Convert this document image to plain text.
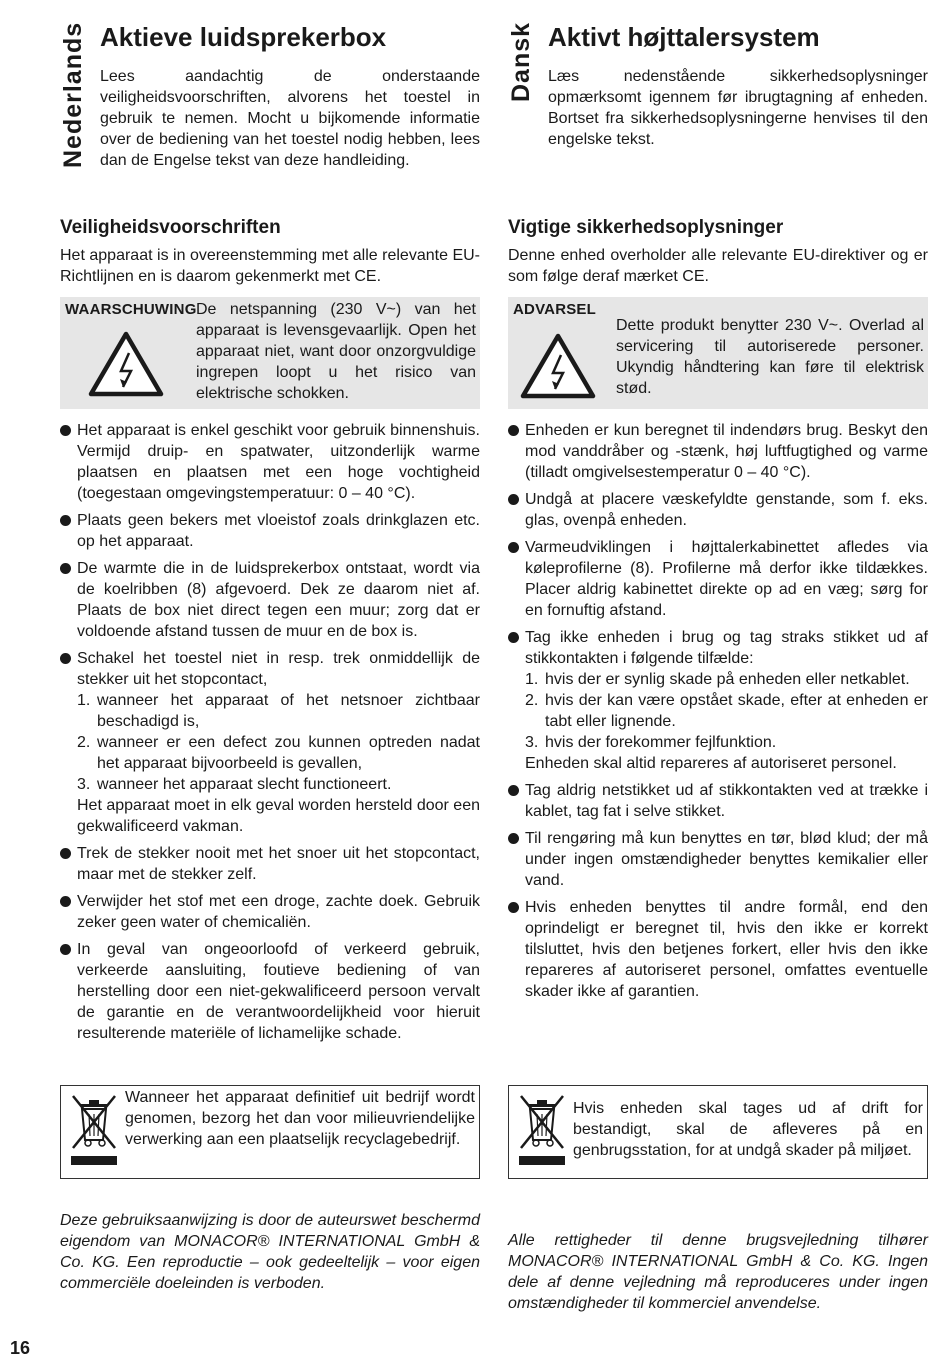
Nederlands Aktieve luidsprekerbox

Lees aandachtig de onderstaande veiligheidsvoorschriften, alvorens het toestel in gebruik te nemen. Mocht u bijkomende informatie over de bediening van het toestel nodig hebben, lees dan de Engelse tekst van deze handleiding.

Veiligheidsvoorschriften

Het apparaat is in overeenstemming met alle relevante EU-Richtlijnen en is daarom gekenmerkt met CE.

WAARSCHUWING De netspanning (230 V~) van het apparaat is levensgevaarlijk. Open het apparaat niet, want door onzorgvuldige ingrepen loopt u het risico van elektrische schokken.
Het apparaat is enkel geschikt voor gebruik binnenshuis. Vermijd druip- en spatwater, uitzonderlijk warme plaatsen en plaatsen met een hoge vochtigheid (toegestaan omgevingstemperatuur: 0 – 40 °C).
Plaats geen bekers met vloeistof zoals drinkglazen etc. op het apparaat.
De warmte die in de luidsprekerbox ontstaat, wordt via de koelribben (8) afgevoerd. Dek ze daarom niet af. Plaats de box niet direct tegen een muur; zorg dat er voldoende afstand tussen de muur en de box is.
Schakel het toestel niet in resp. trek onmiddellijk de stekker uit het stopcontact,
1. wanneer het apparaat of het netsnoer zichtbaar beschadigd is,
2. wanneer er een defect zou kunnen optreden nadat het apparaat bijvoorbeeld is gevallen,
3. wanneer het apparaat slecht functioneert.
Het apparaat moet in elk geval worden hersteld door een gekwalificeerd vakman.
Trek de stekker nooit met het snoer uit het stopcontact, maar met de stekker zelf.
Verwijder het stof met een droge, zachte doek. Gebruik zeker geen water of chemicaliën.
In geval van ongeoorloofd of verkeerd gebruik, verkeerde aansluiting, foutieve bediening of van herstelling door een niet-gekwalificeerd persoon vervalt de garantie en de verantwoordelijkheid voor hieruit resulterende materiële of lichamelijke schade.
Wanneer het apparaat definitief uit bedrijf wordt genomen, bezorg het dan voor milieuvriendelijke verwerking aan een plaatselijk recyclagebedrijf.

Deze gebruiksaanwijzing is door de auteurswet beschermd eigendom van MONACOR® INTERNATIONAL GmbH & Co. KG. Een reproductie – ook gedeeltelijk – voor eigen commerciële doeleinden is verboden.

Dansk Aktivt højttalersystem

Læs nedenstående sikkerhedsoplysninger opmærksomt igennem før ibrugtagning af enheden. Bortset fra sikkerhedsoplysningerne henvises til den engelske tekst.

Vigtige sikkerhedsoplysninger

Denne enhed overholder alle relevante EU-direktiver og er som følge deraf mærket CE.

ADVARSEL
Dette produkt benytter 230 V~. Overlad al servicering til autoriserede personer. Ukyndig håndtering kan føre til elektrisk stød.
Enheden er kun beregnet til indendørs brug. Beskyt den mod vanddråber og -stænk, høj luftfugtighed og varme (tilladt omgivelsestemperatur 0 – 40 °C).
Undgå at placere væskefyldte genstande, som f. eks. glas, ovenpå enheden.
Varmeudviklingen i højttalerkabinettet afledes via køleprofilerne (8). Profilerne må derfor ikke tildækkes. Placer aldrig kabinettet direkte op ad en væg; sørg for en fornuftig afstand.
Tag ikke enheden i brug og tag straks stikket ud af stikkontakten i følgende tilfælde:
1. hvis der er synlig skade på enheden eller netkablet.
2. hvis der kan være opstået skade, efter at enheden er tabt eller lignende.
3. hvis der forekommer fejlfunktion.
Enheden skal altid repareres af autoriseret personel.
Tag aldrig netstikket ud af stikkontakten ved at trække i kablet, tag fat i selve stikket.
Til rengøring må kun benyttes en tør, blød klud; der må under ingen omstændigheder benyttes kemikalier eller vand.
Hvis enheden benyttes til andre formål, end den oprindeligt er beregnet til, hvis den ikke er korrekt tilsluttet, hvis den betjenes forkert, eller hvis den ikke repareres af autoriseret personel, omfattes eventuelle skader ikke af garantien.
Hvis enheden skal tages ud af drift for bestandigt, skal de afleveres på en genbrugsstation, for at undgå skader på miljøet.

Alle rettigheder til denne brugsvejledning tilhører MONACOR® INTERNATIONAL GmbH & Co. KG. Ingen dele af denne vejledning må reproduceres under ingen omstændigheder til kommerciel anvendelse.

16
